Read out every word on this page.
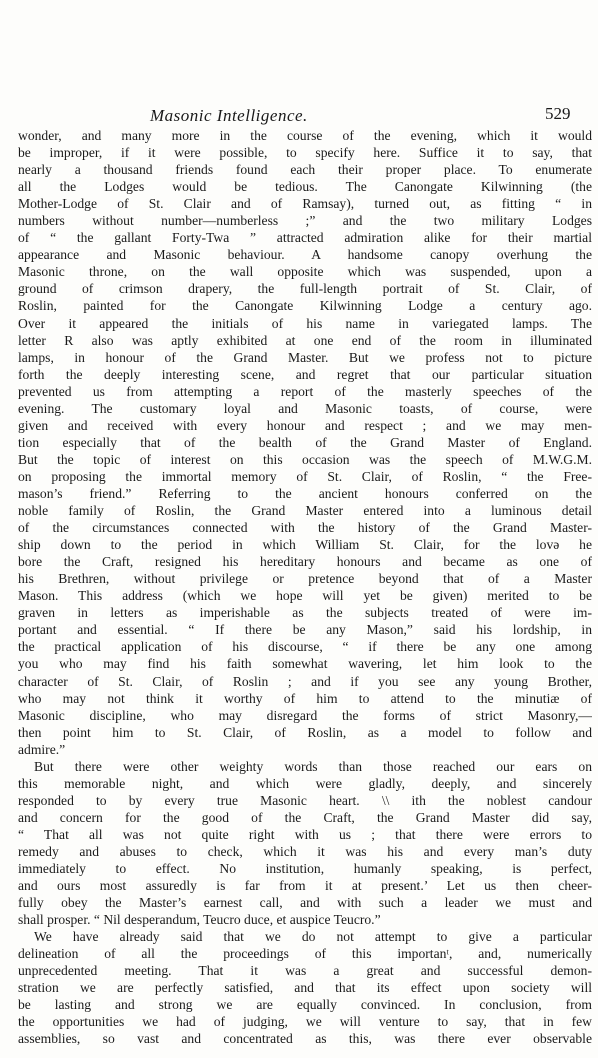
Masonic Intelligence.	529
wonder, and many more in the course of the evening, which it would
be improper, if it were possible, to specify here. Suffice it to say, that
nearly a thousand friends found each their proper place. To enumerate
all the Lodges would be tedious. The Canongate Kilwinning (the
Mother-Lodge of St. Clair and of Ramsay), turned out, as fitting “ in
numbers without number—numberless ;” and the two military Lodges
of “ the gallant Forty-Twa ” attracted admiration alike for their martial
appearance and Masonic behaviour. A handsome canopy overhung the
Masonic throne, on the wall opposite which was suspended, upon a
ground of crimson drapery, the full-length portrait of St. Clair, of
Roslin, painted for the Canongate Kilwinning Lodge a century ago.
Over it appeared the initials of his name in variegated lamps. The
letter R also was aptly exhibited at one end of the room in illuminated
lamps, in honour of the Grand Master. But we profess not to picture
forth the deeply interesting scene, and regret that our particular situation
prevented us from attempting a report of the masterly speeches of the
evening. The customary loyal and Masonic toasts, of course, were
given and received with every honour and respect ; and we may men-
tion especially that of the bealth of the Grand Master of England.
But the topic of interest on this occasion was the speech of M.W.G.M.
on proposing the immortal memory of St. Clair, of Roslin, “ the Free-
mason’s friend.” Referring to the ancient honours conferred on the
noble family of Roslin, the Grand Master entered into a luminous detail
of the circumstances connected with the history of the Grand Master-
ship down to the period in which William St. Clair, for the lovə he
bore the Craft, resigned his hereditary honours and became as one of
his Brethren, without privilege or pretence beyond that of a Master
Mason. This address (which we hope will yet be given) merited to be
graven in letters as imperishable as the subjects treated of were im-
portant and essential. “ If there be any Mason,” said his lordship, in
the practical application of his discourse, “ if there be any one among
you who may find his faith somewhat wavering, let him look to the
character of St. Clair, of Roslin ; and if you see any young Brother,
who may not think it worthy of him to attend to the minutiæ of
Masonic discipline, who may disregard the forms of strict Masonry,—
then point him to St. Clair, of Roslin, as a model to follow and
admire.”
But there were other weighty words than those reached our ears on
this memorable night, and which were gladly, deeply, and sincerely
responded to by every true Masonic heart. \\ ith the noblest candour
and concern for the good of the Craft, the Grand Master did say,
“ That all was not quite right with us ; that there were errors to
remedy and abuses to check, which it was his and every man’s duty
immediately to effect. No institution, humanly speaking, is perfect,
and ours most assuredly is far from it at present.’ Let us then cheer-
fully obey the Master’s earnest call, and with such a leader we must and
shall prosper. “ Nil desperandum, Teucro duce, et auspice Teucro.”
We have already said that we do not attempt to give a particular
delineation of all the proceedings of this importanᵗ, and, numerically
unprecedented meeting. That it was a great and successful demon-
stration we are perfectly satisfied, and that its effect upon society will
be lasting and strong we are equally convinced. In conclusion, from
the opportunities we had of judging, we will venture to say, that in few
assemblies, so vast and concentrated as this, was there ever observable
